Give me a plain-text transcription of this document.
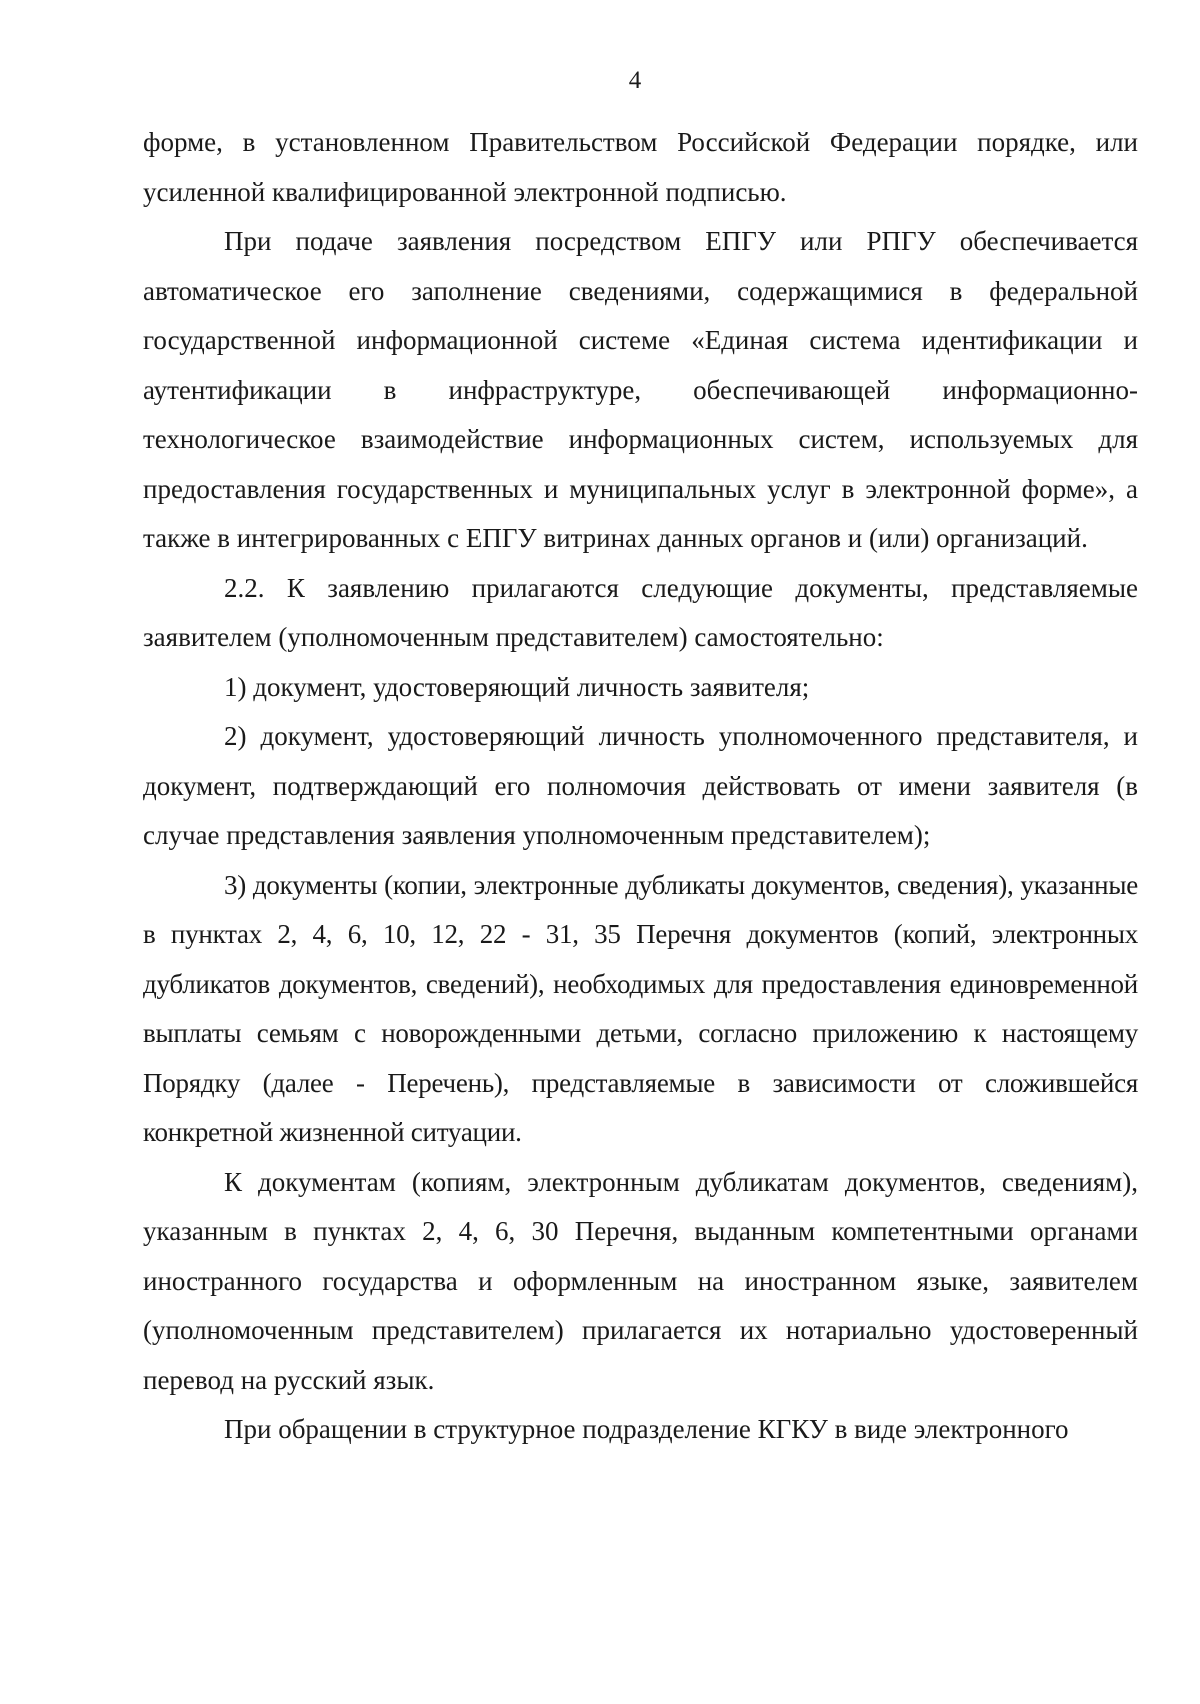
4

форме, в установленном Правительством Российской Федерации порядке, или усиленной квалифицированной электронной подписью.

При подаче заявления посредством ЕПГУ или РПГУ обеспечивается автоматическое его заполнение сведениями, содержащимися в федеральной государственной информационной системе «Единая система идентификации и аутентификации в инфраструктуре, обеспечивающей информационно-технологическое взаимодействие информационных систем, используемых для предоставления государственных и муниципальных услуг в электронной форме», а также в интегрированных с ЕПГУ витринах данных органов и (или) организаций.

2.2. К заявлению прилагаются следующие документы, представляемые заявителем (уполномоченным представителем) самостоятельно:

1) документ, удостоверяющий личность заявителя;

2) документ, удостоверяющий личность уполномоченного представителя, и документ, подтверждающий его полномочия действовать от имени заявителя (в случае представления заявления уполномоченным представителем);

3) документы (копии, электронные дубликаты документов, сведения), указанные в пунктах 2, 4, 6, 10, 12, 22 - 31, 35 Перечня документов (копий, электронных дубликатов документов, сведений), необходимых для предоставления единовременной выплаты семьям с новорожденными детьми, согласно приложению к настоящему Порядку (далее - Перечень), представляемые в зависимости от сложившейся конкретной жизненной ситуации.

К документам (копиям, электронным дубликатам документов, сведениям), указанным в пунктах 2, 4, 6, 30 Перечня, выданным компетентными органами иностранного государства и оформленным на иностранном языке, заявителем (уполномоченным представителем) прилагается их нотариально удостоверенный перевод на русский язык.

При обращении в структурное подразделение КГКУ в виде электронного
